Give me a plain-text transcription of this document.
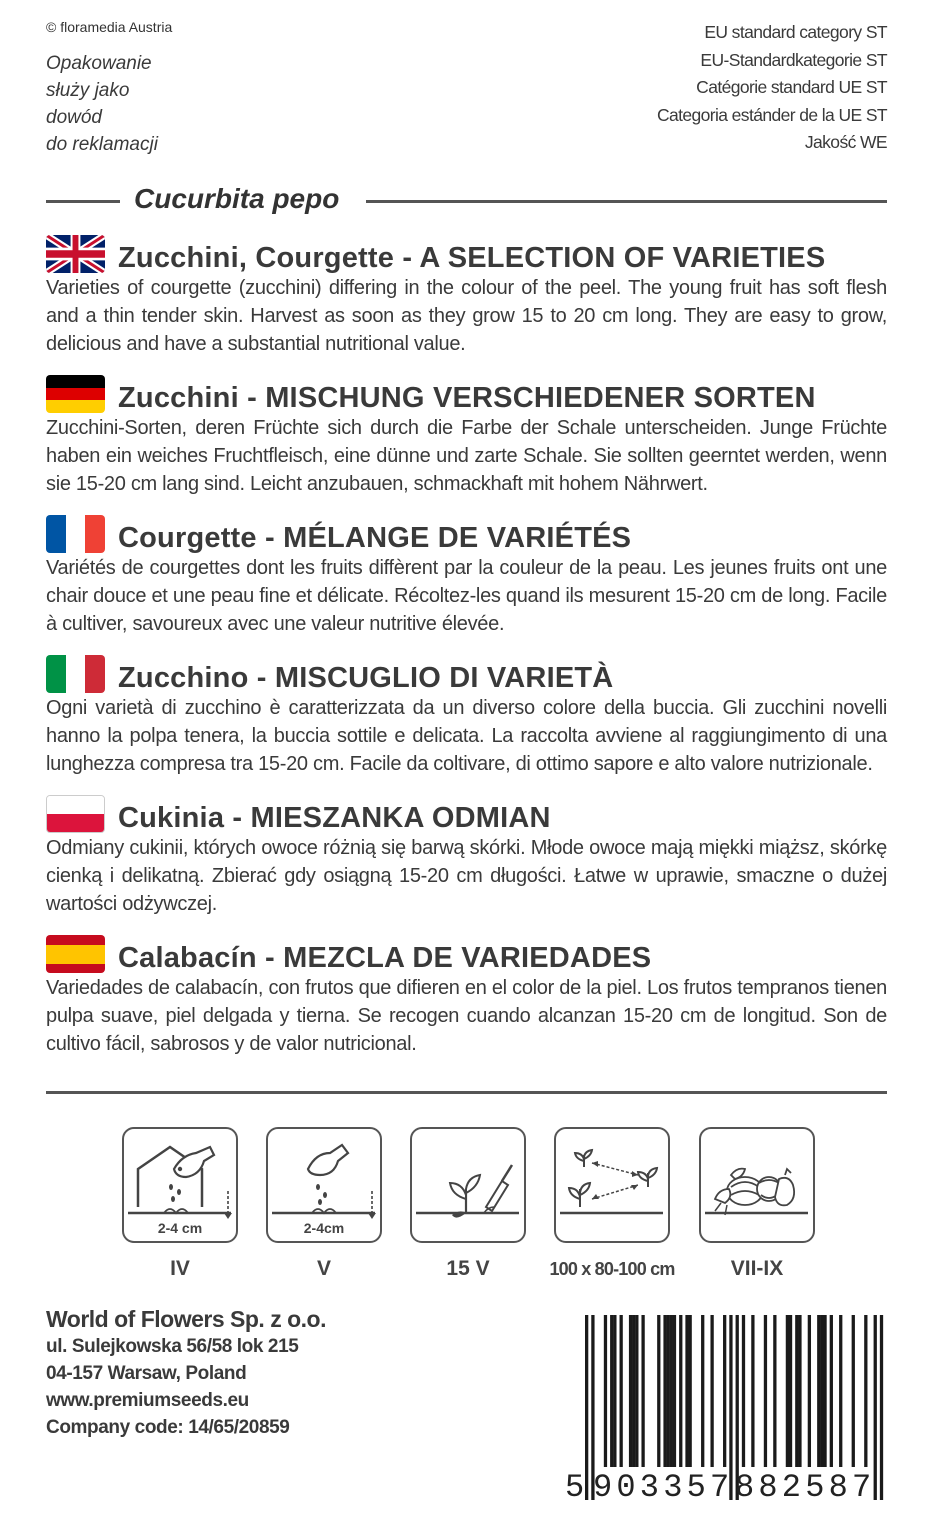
© floramedia Austria
Opakowanie
służy jako
dowód
do reklamacji
EU standard category ST
EU-Standardkategorie ST
Catégorie standard UE ST
Categoria estánder de la UE ST
Jakość WE
Cucurbita pepo
Zucchini, Courgette - A SELECTION OF VARIETIES
Varieties of courgette (zucchini) differing in the colour of the peel. The young fruit has soft flesh and a thin tender skin. Harvest as soon as they grow 15 to 20 cm long. They are easy to grow, delicious and have a substantial nutritional value.
Zucchini - MISCHUNG VERSCHIEDENER SORTEN
Zucchini-Sorten, deren Früchte sich durch die Farbe der Schale unterscheiden. Junge Früchte haben ein weiches Fruchtfleisch, eine dünne und zarte Schale. Sie sollten geerntet werden, wenn sie 15-20 cm lang sind. Leicht anzubauen, schmackhaft mit hohem Nährwert.
Courgette - MÉLANGE DE VARIÉTÉS
Variétés de courgettes dont les fruits diffèrent par la couleur de la peau. Les jeunes fruits ont une chair douce et une peau fine et délicate. Récoltez-les quand ils mesurent 15-20 cm de long. Facile à cultiver, savoureux avec une valeur nutritive élevée.
Zucchino - MISCUGLIO DI VARIETÀ
Ogni varietà di zucchino è caratterizzata da un diverso colore della buccia. Gli zucchini novelli hanno la polpa tenera, la buccia sottile e delicata. La raccolta avviene al raggiungimento di una lunghezza compresa tra 15-20 cm. Facile da coltivare, di ottimo sapore e alto valore nutrizionale.
Cukinia - MIESZANKA ODMIAN
Odmiany cukinii, których owoce różnią się barwą skórki. Młode owoce mają miękki miąższ, skórkę cienką i delikatną. Zbierać gdy osiągną 15-20 cm długości. Łatwe w uprawie, smaczne o dużej wartości odżywczej.
Calabacín - MEZCLA DE VARIEDADES
Variedades de calabacín, con frutos que difieren en el color de la piel. Los frutos tempranos tienen pulpa suave, piel delgada y tierna. Se recogen cuando alcanzan 15-20 cm de longitud. Son de cultivo fácil, sabrosos y de valor nutricional.
2-4 cm	2-4cm
IV	V	15 V	100 x 80-100 cm	VII-IX
World of Flowers Sp. z o.o.
ul. Sulejkowska 56/58 lok 215
04-157 Warsaw, Poland
www.premiumseeds.eu
Company code: 14/65/20859
5 903357 882587
